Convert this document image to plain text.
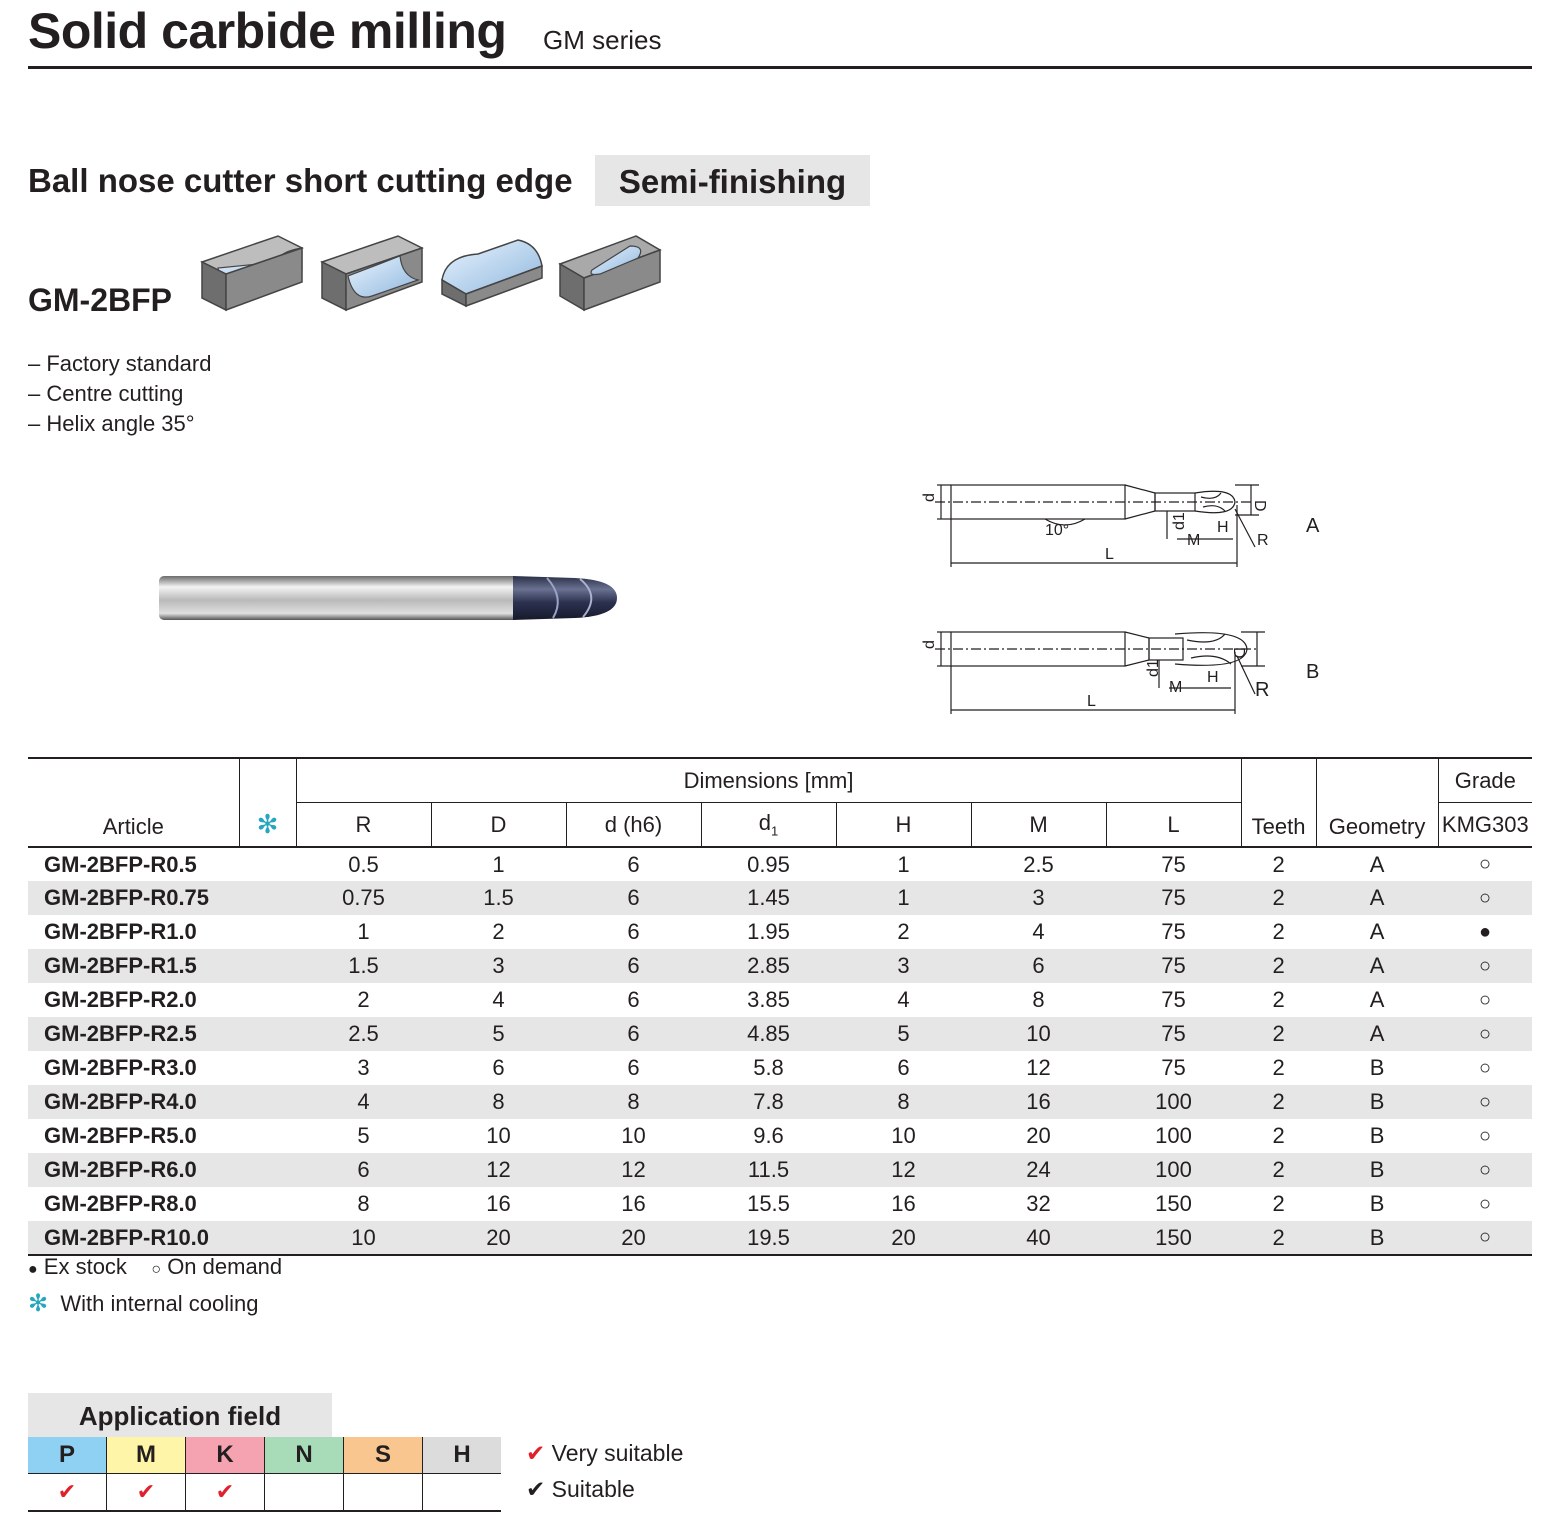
Solid carbide milling GM series
Ball nose cutter short cutting edge	Semi-finishing
GM-2BFP
– Factory standard
– Centre cutting
– Helix angle 35°
d
10°
d1
M
H
D
R
L
A
d
d1
M
H
D
R
L
B
Article	✻	Dimensions [mm]							Teeth	Geometry	Grade
		R	D	d (h6)	$d_1$	H	M	L			KMG303
GM-2BFP-R0.5		0.5	1	6	0.95	1	2.5	75	2	A	○
GM-2BFP-R0.75		0.75	1.5	6	1.45	1	3	75	2	A	○
GM-2BFP-R1.0		1	2	6	1.95	2	4	75	2	A	●
GM-2BFP-R1.5		1.5	3	6	2.85	3	6	75	2	A	○
GM-2BFP-R2.0		2	4	6	3.85	4	8	75	2	A	○
GM-2BFP-R2.5		2.5	5	6	4.85	5	10	75	2	A	○
GM-2BFP-R3.0		3	6	6	5.8	6	12	75	2	B	○
GM-2BFP-R4.0		4	8	8	7.8	8	16	100	2	B	○
GM-2BFP-R5.0		5	10	10	9.6	10	20	100	2	B	○
GM-2BFP-R6.0		6	12	12	11.5	12	24	100	2	B	○
GM-2BFP-R8.0		8	16	16	15.5	16	32	150	2	B	○
GM-2BFP-R10.0		10	20	20	19.5	20	40	150	2	B	○
● Ex stock ○ On demand
✻ With internal cooling
Application field
P	M	K	N	S	H
✔	✔	✔			
✔ Very suitable
✔ Suitable
